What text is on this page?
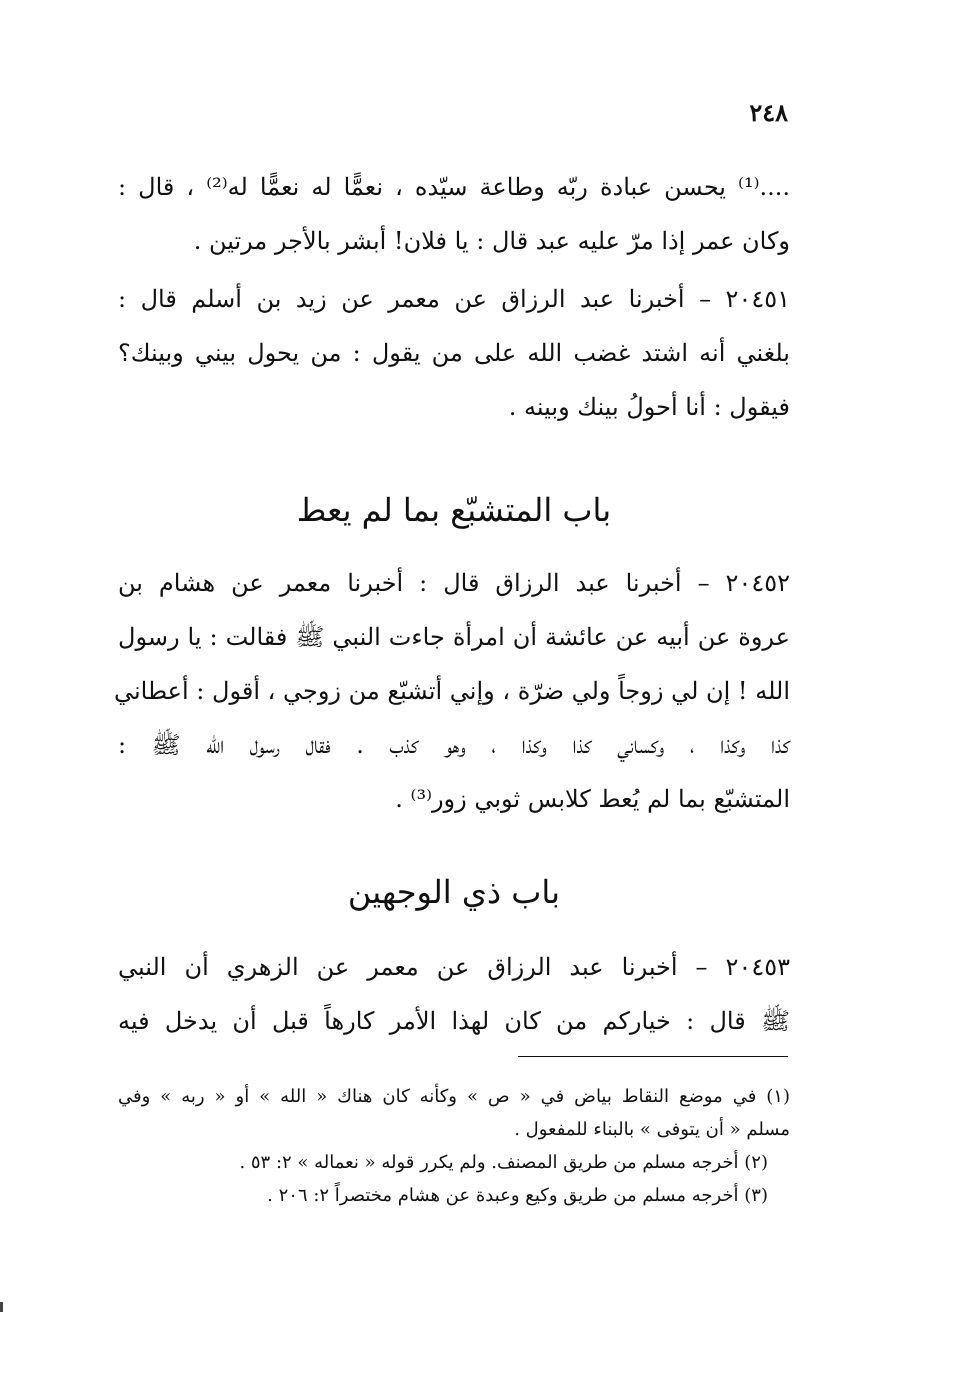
٢٤٨
....⁽¹⁾ يحسن عبادة ربّه وطاعة سيّده ، نعمًّا له نعمًّا له⁽²⁾ ، قال :
وكان عمر إذا مرّ عليه عبد قال : يا فلان! أبشر بالأجر مرتين .
٢٠٤٥١ – أخبرنا عبد الرزاق عن معمر عن زيد بن أسلم قال :
بلغني أنه اشتد غضب الله على من يقول : من يحول بيني وبينك؟
فيقول : أنا أحولُ بينك وبينه .
باب المتشبّع بما لم يعط
٢٠٤٥٢ – أخبرنا عبد الرزاق قال : أخبرنا معمر عن هشام بن
عروة عن أبيه عن عائشة أن امرأة جاءت النبي ﷺ فقالت : يا رسول
الله ! إن لي زوجاً ولي ضرّة ، وإني أتشبّع من زوجي ، أقول : أعطاني
كذا وكذا ، وكساني كذا وكذا ، وهو كذب . فقال رسول الله ﷺ :
المتشبّع بما لم يُعط كلابس ثوبي زور⁽³⁾ .
باب ذي الوجهين
٢٠٤٥٣ – أخبرنا عبد الرزاق عن معمر عن الزهري أن النبي
ﷺ قال : خياركم من كان لهذا الأمر كارهاً قبل أن يدخل فيه
(١) في موضع النقاط بياض في « ص » وكأنه كان هناك « الله » أو « ربه » وفي
مسلم « أن يتوفى » بالبناء للمفعول .
(٢) أخرجه مسلم من طريق المصنف. ولم يكرر قوله « نعماله » ٢: ٥٣ .
(٣) أخرجه مسلم من طريق وكيع وعبدة عن هشام مختصراً ٢: ٢٠٦ .
